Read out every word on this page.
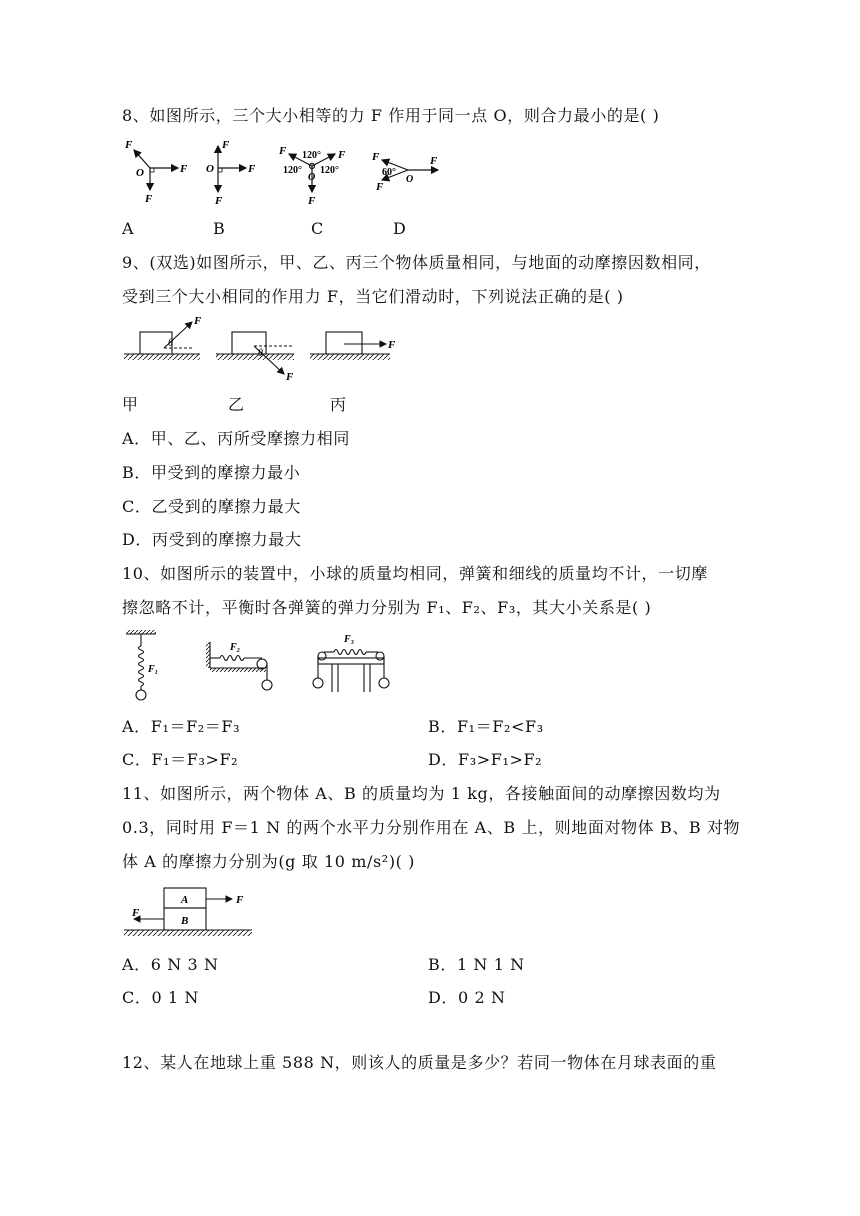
8、如图所示，三个大小相等的力 F 作用于同一点 O，则合力最小的是( )
F
F
F
O	F
F
F
O
F
F
F
120°
120° 120°
O
F
F
F
60°
O
A	B	C	D
9、(双选)如图所示，甲、乙、丙三个物体质量相同，与地面的动摩擦因数相同，
受到三个大小相同的作用力 F，当它们滑动时，下列说法正确的是( )
F
θ
F
θ
F
甲	乙	丙
A．甲、乙、丙所受摩擦力相同
B．甲受到的摩擦力最小
C．乙受到的摩擦力最大
D．丙受到的摩擦力最大
10、如图所示的装置中，小球的质量均相同，弹簧和细线的质量均不计，一切摩
擦忽略不计，平衡时各弹簧的弹力分别为 F₁、F₂、F₃，其大小关系是( )
F₁
F₂
F₃
A．F₁＝F₂＝F₃	B．F₁＝F₂<F₃
C．F₁＝F₃>F₂	D．F₃>F₁>F₂
11、如图所示，两个物体 A、B 的质量均为 1 kg，各接触面间的动摩擦因数均为
0.3，同时用 F＝1 N 的两个水平力分别作用在 A、B 上，则地面对物体 B、B 对物
体 A 的摩擦力分别为(g 取 10 m/s²)( )
A
B
F
F
A．6 N 3 N	B．1 N 1 N
C．0 1 N	D．0 2 N
12、某人在地球上重 588 N，则该人的质量是多少？若同一物体在月球表面的重
